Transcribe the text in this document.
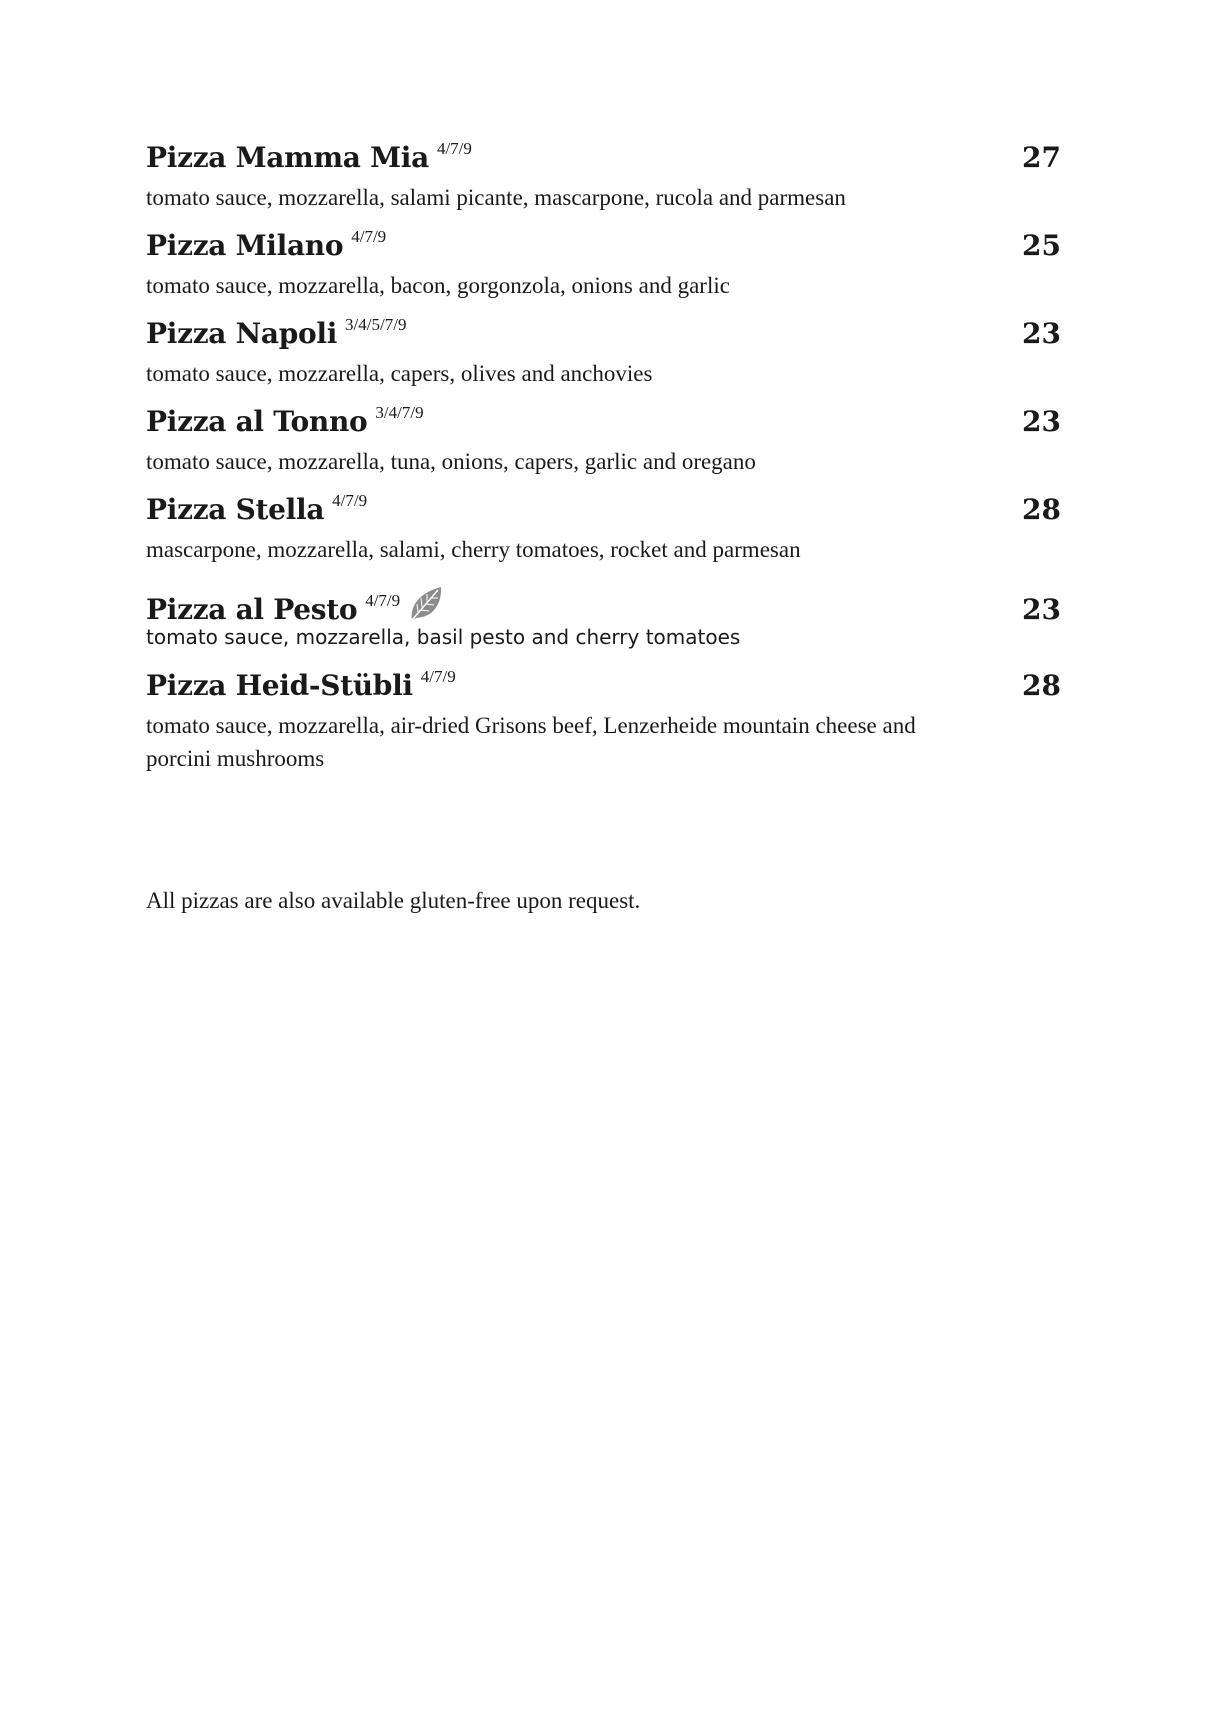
Pizza Mamma Mia 4/7/9	27
tomato sauce, mozzarella, salami picante, mascarpone, rucola and parmesan
Pizza Milano 4/7/9	25
tomato sauce, mozzarella, bacon, gorgonzola, onions and garlic
Pizza Napoli 3/4/5/7/9	23
tomato sauce, mozzarella, capers, olives and anchovies
Pizza al Tonno 3/4/7/9	23
tomato sauce, mozzarella, tuna, onions, capers, garlic and oregano
Pizza Stella 4/7/9	28
mascarpone, mozzarella, salami, cherry tomatoes, rocket and parmesan
Pizza al Pesto 4/7/9	23
tomato sauce, mozzarella, basil pesto and cherry tomatoes
Pizza Heid-Stübli 4/7/9	28
tomato sauce, mozzarella, air-dried Grisons beef, Lenzerheide mountain cheese and porcini mushrooms
All pizzas are also available gluten-free upon request.
